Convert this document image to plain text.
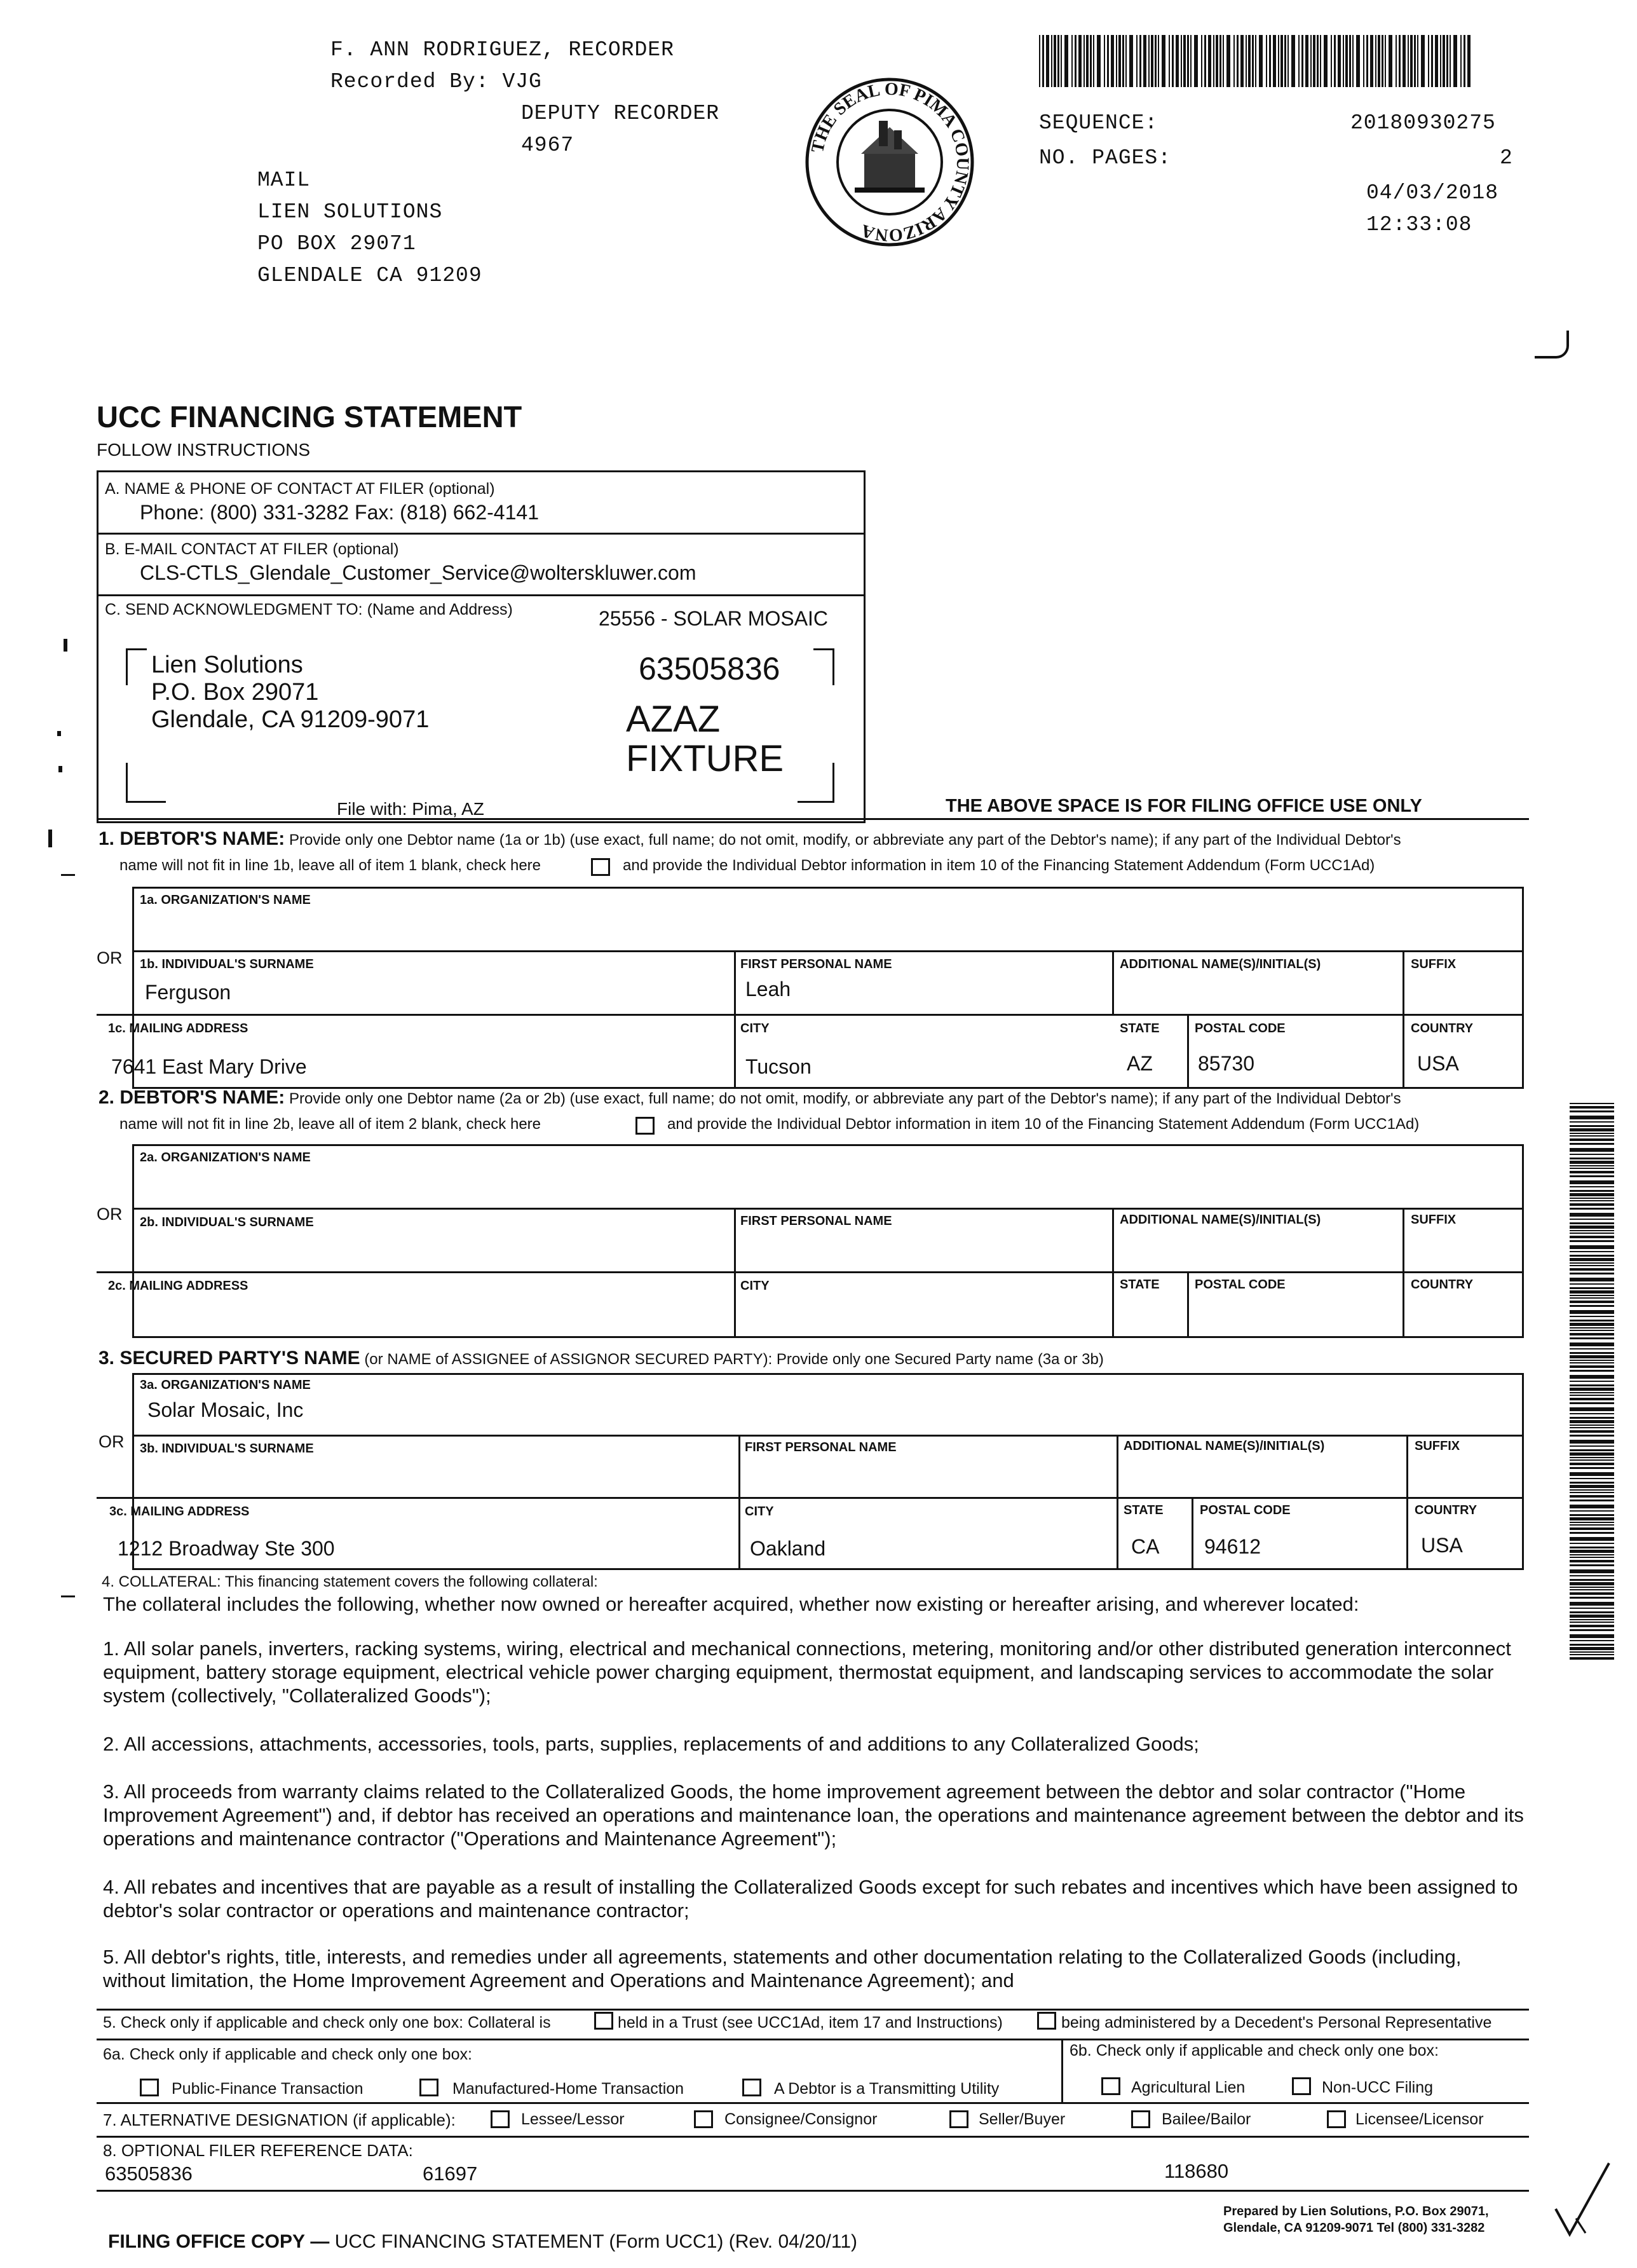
F. ANN RODRIGUEZ, RECORDER
Recorded By: VJG
DEPUTY RECORDER
4967
MAIL
LIEN SOLUTIONS
PO BOX 29071
GLENDALE CA 91209
THE SEAL OF PIMA COUNTY ARIZONA
SEQUENCE:	20180930275
NO. PAGES:	2
04/03/2018
12:33:08
UCC FINANCING STATEMENT
FOLLOW INSTRUCTIONS
A. NAME & PHONE OF CONTACT AT FILER (optional)
Phone: (800) 331-3282 Fax: (818) 662-4141
B. E-MAIL CONTACT AT FILER (optional)
CLS-CTLS_Glendale_Customer_Service@wolterskluwer.com
C. SEND ACKNOWLEDGMENT TO: (Name and Address)	25556 - SOLAR MOSAIC
Lien Solutions
P.O. Box 29071
Glendale, CA 91209-9071
63505836
AZAZ
FIXTURE
File with: Pima, AZ	THE ABOVE SPACE IS FOR FILING OFFICE USE ONLY
1. DEBTOR'S NAME: Provide only one Debtor name (1a or 1b) (use exact, full name; do not omit, modify, or abbreviate any part of the Debtor's name); if any part of the Individual Debtor's
name will not fit in line 1b, leave all of item 1 blank, check here	and provide the Individual Debtor information in item 10 of the Financing Statement Addendum (Form UCC1Ad)
1a. ORGANIZATION'S NAME
OR 1b. INDIVIDUAL'S SURNAME
Ferguson
FIRST PERSONAL NAME
Leah
ADDITIONAL NAME(S)/INITIAL(S)	SUFFIX
1c. MAILING ADDRESS
7641 East Mary Drive
CITY
Tucson
STATE
AZ
POSTAL CODE
85730
COUNTRY
USA
2. DEBTOR'S NAME: Provide only one Debtor name (2a or 2b) (use exact, full name; do not omit, modify, or abbreviate any part of the Debtor's name); if any part of the Individual Debtor's
name will not fit in line 2b, leave all of item 2 blank, check here	and provide the Individual Debtor information in item 10 of the Financing Statement Addendum (Form UCC1Ad)
2a. ORGANIZATION'S NAME
OR 2b. INDIVIDUAL'S SURNAME	FIRST PERSONAL NAME	ADDITIONAL NAME(S)/INITIAL(S)	SUFFIX
2c. MAILING ADDRESS	CITY	STATE	POSTAL CODE	COUNTRY
3. SECURED PARTY'S NAME (or NAME of ASSIGNEE of ASSIGNOR SECURED PARTY): Provide only one Secured Party name (3a or 3b)
3a. ORGANIZATION'S NAME
Solar Mosaic, Inc
OR 3b. INDIVIDUAL'S SURNAME	FIRST PERSONAL NAME	ADDITIONAL NAME(S)/INITIAL(S)	SUFFIX
3c. MAILING ADDRESS
1212 Broadway Ste 300
CITY
Oakland
STATE
CA
POSTAL CODE
94612
COUNTRY
USA
4. COLLATERAL: This financing statement covers the following collateral:
The collateral includes the following, whether now owned or hereafter acquired, whether now existing or hereafter arising, and wherever located:
1. All solar panels, inverters, racking systems, wiring, electrical and mechanical connections, metering, monitoring and/or other distributed generation interconnect equipment, battery storage equipment, electrical vehicle power charging equipment, thermostat equipment, and landscaping services to accommodate the solar system (collectively, "Collateralized Goods");
2. All accessions, attachments, accessories, tools, parts, supplies, replacements of and additions to any Collateralized Goods;
3. All proceeds from warranty claims related to the Collateralized Goods, the home improvement agreement between the debtor and solar contractor ("Home Improvement Agreement") and, if debtor has received an operations and maintenance loan, the operations and maintenance agreement between the debtor and its operations and maintenance contractor ("Operations and Maintenance Agreement");
4. All rebates and incentives that are payable as a result of installing the Collateralized Goods except for such rebates and incentives which have been assigned to debtor's solar contractor or operations and maintenance contractor;
5. All debtor's rights, title, interests, and remedies under all agreements, statements and other documentation relating to the Collateralized Goods (including, without limitation, the Home Improvement Agreement and Operations and Maintenance Agreement); and
5. Check only if applicable and check only one box: Collateral is	held in a Trust (see UCC1Ad, item 17 and Instructions)	being administered by a Decedent's Personal Representative
6a. Check only if applicable and check only one box:
Public-Finance Transaction	Manufactured-Home Transaction	A Debtor is a Transmitting Utility
6b. Check only if applicable and check only one box:
Agricultural Lien	Non-UCC Filing
7. ALTERNATIVE DESIGNATION (if applicable):	Lessee/Lessor	Consignee/Consignor	Seller/Buyer	Bailee/Bailor	Licensee/Licensor
8. OPTIONAL FILER REFERENCE DATA:
63505836	61697	118680
FILING OFFICE COPY — UCC FINANCING STATEMENT (Form UCC1) (Rev. 04/20/11)
Prepared by Lien Solutions, P.O. Box 29071,
Glendale, CA 91209-9071 Tel (800) 331-3282
